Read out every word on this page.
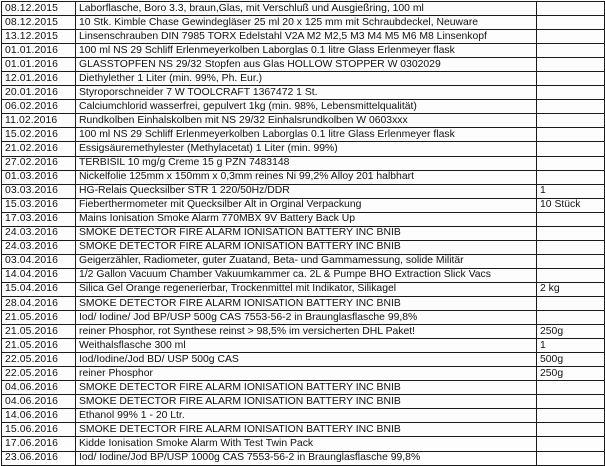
08.12.2015	Laborflasche, Boro 3.3, braun,Glas, mit Verschluß und Ausgießring, 100 ml	
08.12.2015	10 Stk. Kimble Chase Gewindegläser 25 ml 20 x 125 mm mit Schraubdeckel, Neuware	
13.12.2015	Linsenschrauben DIN 7985 TORX Edelstahl V2A M2 M2,5 M3 M4 M5 M6 M8 Linsenkopf	
01.01.2016	100 ml NS 29 Schliff Erlenmeyerkolben Laborglas 0.1 litre Glass Erlenmeyer flask	
01.01.2016	GLASSTOPFEN NS 29/32 Stopfen aus Glas HOLLOW STOPPER W 0302029	
12.01.2016	Diethylether 1 Liter (min. 99%, Ph. Eur.)	
20.01.2016	Styroporschneider 7 W TOOLCRAFT 1367472 1 St.	
06.02.2016	Calciumchlorid wasserfrei, gepulvert 1kg (min. 98%, Lebensmittelqualität)	
11.02.2016	Rundkolben Einhalskolben mit NS 29/32 Einhalsrundkolben W 0603xxx	
15.02.2016	100 ml NS 29 Schliff Erlenmeyerkolben Laborglas 0.1 litre Glass Erlenmeyer flask	
21.02.2016	Essigsäuremethylester (Methylacetat) 1 Liter (min. 99%)	
27.02.2016	TERBISIL 10 mg/g Creme 15 g PZN 7483148	
01.03.2016	Nickelfolie 125mm x 150mm x 0,3mm reines Ni 99,2% Alloy 201 halbhart	
03.03.2016	HG-Relais Quecksilber STR 1 220/50Hz/DDR	1
15.03.2016	Fieberthermometer mit Quecksilber Alt in Orginal Verpackung	10 Stück
17.03.2016	Mains Ionisation Smoke Alarm 770MBX 9V Battery Back Up	
24.03.2016	SMOKE DETECTOR FIRE ALARM IONISATION BATTERY INC BNIB	
24.03.2016	SMOKE DETECTOR FIRE ALARM IONISATION BATTERY INC BNIB	
03.04.2016	Geigerzähler, Radiometer, guter Zuatand, Beta- und Gammamessung, solide Militär	
14.04.2016	1/2 Gallon Vacuum Chamber Vakuumkammer ca. 2L & Pumpe BHO Extraction Slick Vacs	
15.04.2016	Silica Gel Orange regenerierbar, Trockenmittel mit Indikator, Silikagel	2 kg
28.04.2016	SMOKE DETECTOR FIRE ALARM IONISATION BATTERY INC BNIB	
21.05.2016	Iod/ Iodine/ Jod BP/USP 500g CAS 7553-56-2 in Braunglasflasche 99,8%	
21.05.2016	reiner Phosphor, rot Synthese reinst > 98,5% im versicherten DHL Paket!	250g
21.05.2016	Weithalsflasche 300 ml	1
22.05.2016	Iod/Iodine/Jod BD/ USP 500g CAS	500g
22.05.2016	reiner Phosphor	250g
04.06.2016	SMOKE DETECTOR FIRE ALARM IONISATION BATTERY INC BNIB	
04.06.2016	SMOKE DETECTOR FIRE ALARM IONISATION BATTERY INC BNIB	
14.06.2016	Ethanol 99% 1 - 20 Ltr.	
15.06.2016	SMOKE DETECTOR FIRE ALARM IONISATION BATTERY INC BNIB	
17.06.2016	Kidde Ionisation Smoke Alarm With Test Twin Pack	
23.06.2016	Iod/ Iodine/Jod BP/USP 1000g CAS 7553-56-2 in Braunglasflasche 99,8%	
